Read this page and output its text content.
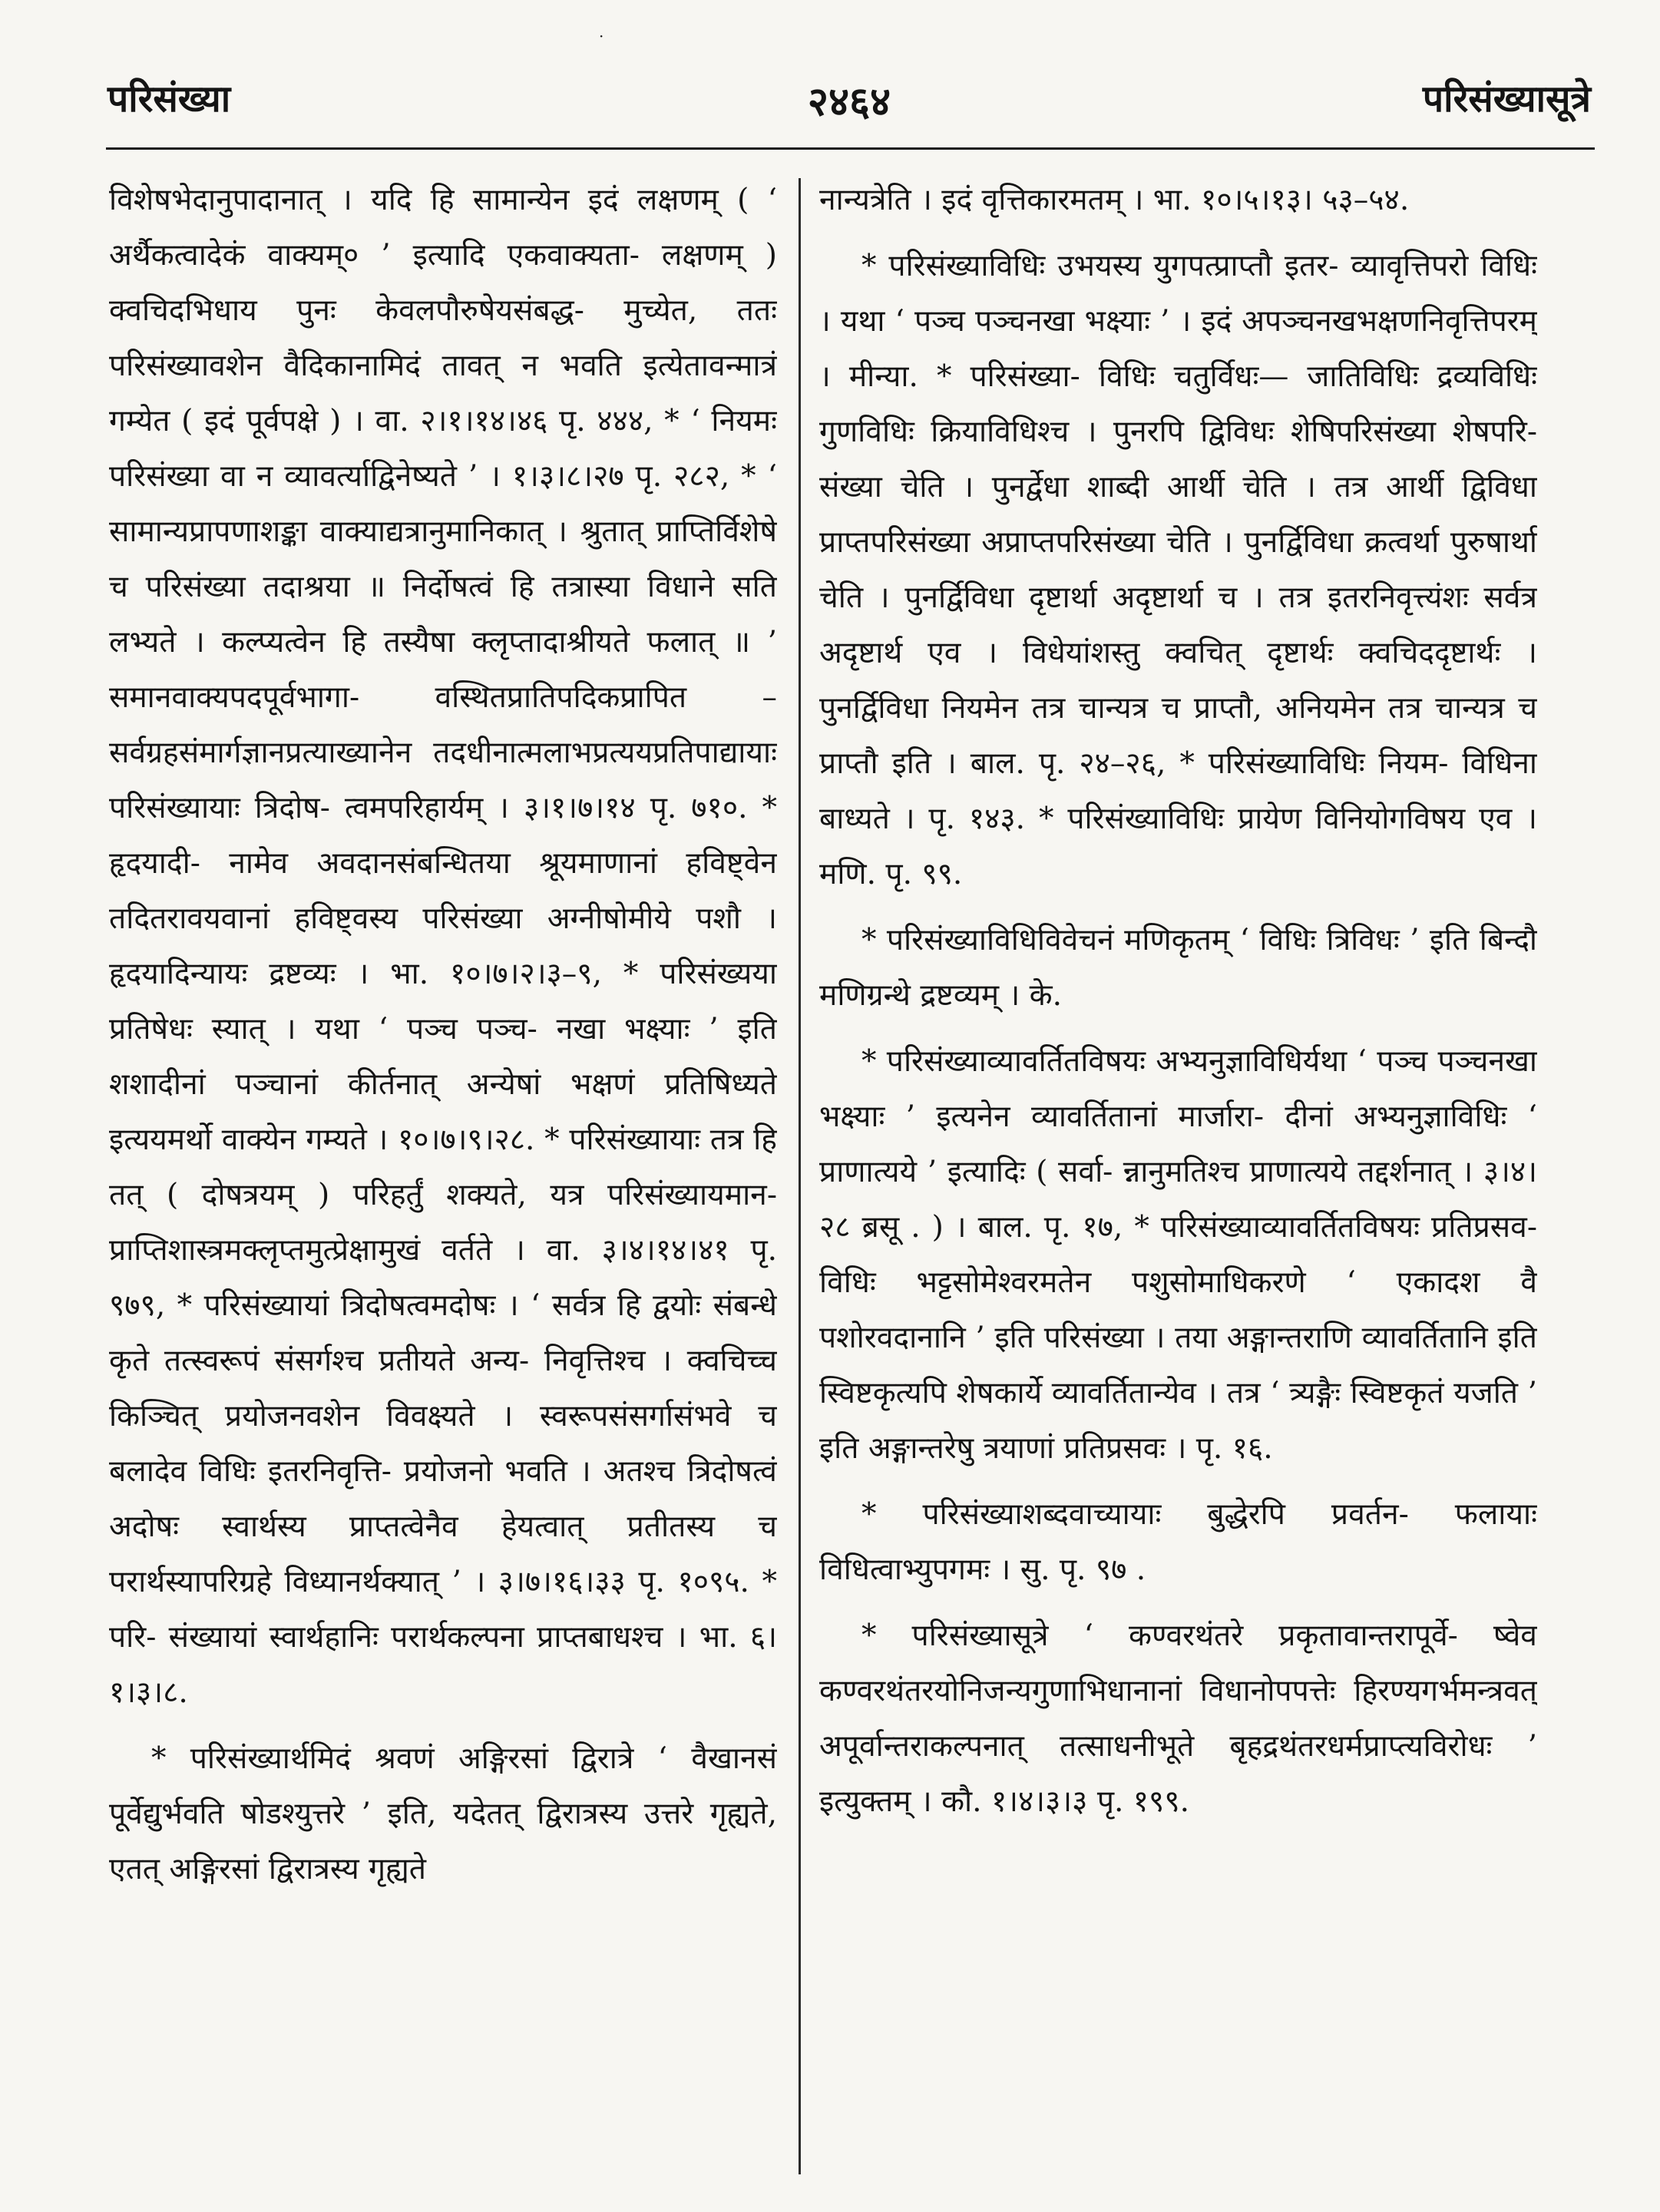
·
परिसंख्या	२४६४	परिसंख्यासूत्रे

विशेषभेदानुपादानात् । यदि हि सामान्येन इदं लक्षणम् ( ‘ अर्थैकत्वादेकं वाक्यम्० ’ इत्यादि एकवाक्यता- लक्षणम् ) क्वचिदभिधाय पुनः केवलपौरुषेयसंबद्ध- मुच्येत, ततः परिसंख्यावशेन वैदिकानामिदं तावत् न भवति इत्येतावन्मात्रं गम्येत ( इदं पूर्वपक्षे ) । वा. २।१।१४।४६ पृ. ४४४, * ‘ नियमः परिसंख्या वा न व्यावर्त्याद्विनेष्यते ’ । १।३।८।२७ पृ. २८२, * ‘ सामान्यप्रापणाशङ्का वाक्याद्यत्रानुमानिकात् । श्रुतात् प्राप्तिर्विशेषे च परिसंख्या तदाश्रया ॥ निर्दोषत्वं हि तत्रास्या विधाने सति लभ्यते । कल्प्यत्वेन हि तस्यैषा क्लृप्तादाश्रीयते फलात् ॥ ’ समानवाक्यपदपूर्वभागा- वस्थितप्रातिपदिकप्रापित – सर्वग्रहसंमार्गज्ञानप्रत्याख्यानेन तदधीनात्मलाभप्रत्ययप्रतिपाद्यायाः परिसंख्यायाः त्रिदोष- त्वमपरिहार्यम् । ३।१।७।१४ पृ. ७१०. * हृदयादी- नामेव अवदानसंबन्धितया श्रूयमाणानां हविष्ट्वेन तदितरावयवानां हविष्ट्वस्य परिसंख्या अग्नीषोमीये पशौ । हृदयादिन्यायः द्रष्टव्यः । भा. १०।७।२।३–९, * परिसंख्यया प्रतिषेधः स्यात् । यथा ‘ पञ्च पञ्च- नखा भक्ष्याः ’ इति शशादीनां पञ्चानां कीर्तनात् अन्येषां भक्षणं प्रतिषिध्यते इत्ययमर्थो वाक्येन गम्यते । १०।७।९।२८. * परिसंख्यायाः तत्र हि तत् ( दोषत्रयम् ) परिहर्तुं शक्यते, यत्र परिसंख्यायमान- प्राप्तिशास्त्रमक्लृप्तमुत्प्रेक्षामुखं वर्तते । वा. ३।४।१४।४१ पृ. ९७९, * परिसंख्यायां त्रिदोषत्वमदोषः । ‘ सर्वत्र हि द्वयोः संबन्धे कृते तत्स्वरूपं संसर्गश्च प्रतीयते अन्य- निवृत्तिश्च । क्वचिच्च किञ्चित् प्रयोजनवशेन विवक्ष्यते । स्वरूपसंसर्गासंभवे च बलादेव विधिः इतरनिवृत्ति- प्रयोजनो भवति । अतश्च त्रिदोषत्वं अदोषः स्वार्थस्य प्राप्तत्वेनैव हेयत्वात् प्रतीतस्य च परार्थस्यापरिग्रहे विध्यानर्थक्यात् ’ । ३।७।१६।३३ पृ. १०९५. * परि- संख्यायां स्वार्थहानिः परार्थकल्पना प्राप्तबाधश्च । भा. ६।१।३।८.

* परिसंख्यार्थमिदं श्रवणं अङ्गिरसां द्विरात्रे ‘ वैखानसं पूर्वेद्युर्भवति षोडश्युत्तरे ’ इति, यदेतत् द्विरात्रस्य उत्तरे गृह्यते, एतत् अङ्गिरसां द्विरात्रस्य गृह्यते

नान्यत्रेति । इदं वृत्तिकारमतम् । भा. १०।५।१३। ५३–५४.

* परिसंख्याविधिः उभयस्य युगपत्प्राप्तौ इतर- व्यावृत्तिपरो विधिः । यथा ‘ पञ्च पञ्चनखा भक्ष्याः ’ । इदं अपञ्चनखभक्षणनिवृत्तिपरम् । मीन्या. * परिसंख्या- विधिः चतुर्विधः— जातिविधिः द्रव्यविधिः गुणविधिः क्रियाविधिश्च । पुनरपि द्विविधः शेषिपरिसंख्या शेषपरि- संख्या चेति । पुनर्द्वेधा शाब्दी आर्थी चेति । तत्र आर्थी द्विविधा प्राप्तपरिसंख्या अप्राप्तपरिसंख्या चेति । पुनर्द्विविधा क्रत्वर्था पुरुषार्था चेति । पुनर्द्विविधा दृष्टार्था अदृष्टार्था च । तत्र इतरनिवृत्त्यंशः सर्वत्र अदृष्टार्थ एव । विधेयांशस्तु क्वचित् दृष्टार्थः क्वचिददृष्टार्थः । पुनर्द्विविधा नियमेन तत्र चान्यत्र च प्राप्तौ, अनियमेन तत्र चान्यत्र च प्राप्तौ इति । बाल. पृ. २४–२६, * परिसंख्याविधिः नियम- विधिना बाध्यते । पृ. १४३. * परिसंख्याविधिः प्रायेण विनियोगविषय एव । मणि. पृ. ९९.

* परिसंख्याविधिविवेचनं मणिकृतम् ‘ विधिः त्रिविधः ’ इति बिन्दौ मणिग्रन्थे द्रष्टव्यम् । के.

* परिसंख्याव्यावर्तितविषयः अभ्यनुज्ञाविधिर्यथा ‘ पञ्च पञ्चनखा भक्ष्याः ’ इत्यनेन व्यावर्तितानां मार्जारा- दीनां अभ्यनुज्ञाविधिः ‘ प्राणात्यये ’ इत्यादिः ( सर्वा- न्नानुमतिश्च प्राणात्यये तद्दर्शनात् । ३।४।२८ ब्रसू . ) । बाल. पृ. १७, * परिसंख्याव्यावर्तितविषयः प्रतिप्रसव- विधिः भट्टसोमेश्वरमतेन पशुसोमाधिकरणे ‘ एकादश वै पशोरवदानानि ’ इति परिसंख्या । तया अङ्गान्तराणि व्यावर्तितानि इति स्विष्टकृत्यपि शेषकार्ये व्यावर्तितान्येव । तत्र ‘ त्र्यङ्गैः स्विष्टकृतं यजति ’ इति अङ्गान्तरेषु त्रयाणां प्रतिप्रसवः । पृ. १६.

* परिसंख्याशब्दवाच्यायाः बुद्धेरपि प्रवर्तन- फलायाः विधित्वाभ्युपगमः । सु. पृ. ९७ .

* परिसंख्यासूत्रे ‘ कण्वरथंतरे प्रकृतावान्तरापूर्वे- ष्वेव कण्वरथंतरयोनिजन्यगुणाभिधानानां विधानोपपत्तेः हिरण्यगर्भमन्त्रवत् अपूर्वान्तराकल्पनात् तत्साधनीभूते बृहद्रथंतरधर्मप्राप्त्यविरोधः ’ इत्युक्तम् । कौ. १।४।३।३ पृ. १९९.
